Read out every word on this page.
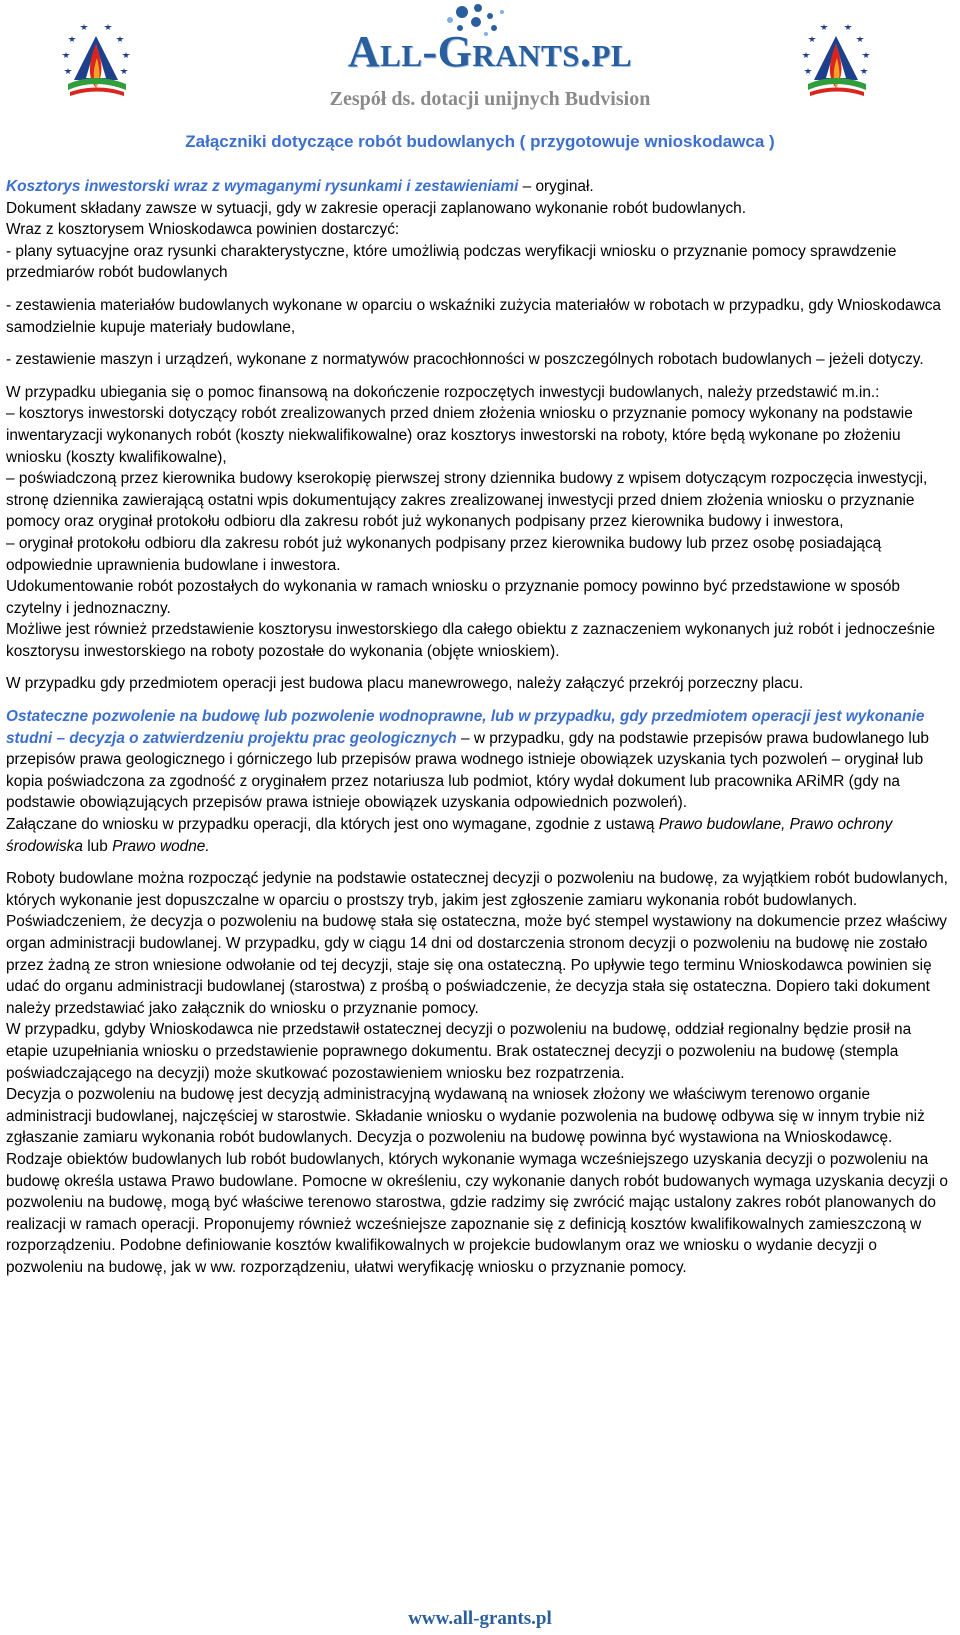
All-Grants.pl
Zespół ds. dotacji unijnych Budvision
Załączniki dotyczące robót budowlanych ( przygotowuje wnioskodawca )

Kosztorys inwestorski wraz z wymaganymi rysunkami i zestawieniami – oryginał.

Dokument składany zawsze w sytuacji, gdy w zakresie operacji zaplanowano wykonanie robót budowlanych.

Wraz z kosztorysem Wnioskodawca powinien dostarczyć:

- plany sytuacyjne oraz rysunki charakterystyczne, które umożliwią podczas weryfikacji wniosku o przyznanie pomocy sprawdzenie przedmiarów robót budowlanych

- zestawienia materiałów budowlanych wykonane w oparciu o wskaźniki zużycia materiałów w robotach w przypadku, gdy Wnioskodawca samodzielnie kupuje materiały budowlane,

- zestawienie maszyn i urządzeń, wykonane z normatywów pracochłonności w poszczególnych robotach budowlanych – jeżeli dotyczy.

W przypadku ubiegania się o pomoc finansową na dokończenie rozpoczętych inwestycji budowlanych, należy przedstawić m.in.:

– kosztorys inwestorski dotyczący robót zrealizowanych przed dniem złożenia wniosku o przyznanie pomocy wykonany na podstawie inwentaryzacji wykonanych robót (koszty niekwalifikowalne) oraz kosztorys inwestorski na roboty, które będą wykonane po złożeniu wniosku (koszty kwalifikowalne),

– poświadczoną przez kierownika budowy kserokopię pierwszej strony dziennika budowy z wpisem dotyczącym rozpoczęcia inwestycji, stronę dziennika zawierającą ostatni wpis dokumentujący zakres zrealizowanej inwestycji przed dniem złożenia wniosku o przyznanie pomocy oraz oryginał protokołu odbioru dla zakresu robót już wykonanych podpisany przez kierownika budowy i inwestora,

– oryginał protokołu odbioru dla zakresu robót już wykonanych podpisany przez kierownika budowy lub przez osobę posiadającą odpowiednie uprawnienia budowlane i inwestora.

Udokumentowanie robót pozostałych do wykonania w ramach wniosku o przyznanie pomocy powinno być przedstawione w sposób czytelny i jednoznaczny.

Możliwe jest również przedstawienie kosztorysu inwestorskiego dla całego obiektu z zaznaczeniem wykonanych już robót i jednocześnie kosztorysu inwestorskiego na roboty pozostałe do wykonania (objęte wnioskiem).

W przypadku gdy przedmiotem operacji jest budowa placu manewrowego, należy załączyć przekrój porzeczny placu.

Ostateczne pozwolenie na budowę lub pozwolenie wodnoprawne, lub w przypadku, gdy przedmiotem operacji jest wykonanie studni – decyzja o zatwierdzeniu projektu prac geologicznych – w przypadku, gdy na podstawie przepisów prawa budowlanego lub przepisów prawa geologicznego i górniczego lub przepisów prawa wodnego istnieje obowiązek uzyskania tych pozwoleń – oryginał lub kopia poświadczona za zgodność z oryginałem przez notariusza lub podmiot, który wydał dokument lub pracownika ARiMR (gdy na podstawie obowiązujących przepisów prawa istnieje obowiązek uzyskania odpowiednich pozwoleń).

Załączane do wniosku w przypadku operacji, dla których jest ono wymagane, zgodnie z ustawą Prawo budowlane, Prawo ochrony środowiska lub Prawo wodne.

Roboty budowlane można rozpocząć jedynie na podstawie ostatecznej decyzji o pozwoleniu na budowę, za wyjątkiem robót budowlanych, których wykonanie jest dopuszczalne w oparciu o prostszy tryb, jakim jest zgłoszenie zamiaru wykonania robót budowlanych. Poświadczeniem, że decyzja o pozwoleniu na budowę stała się ostateczna, może być stempel wystawiony na dokumencie przez właściwy organ administracji budowlanej. W przypadku, gdy w ciągu 14 dni od dostarczenia stronom decyzji o pozwoleniu na budowę nie zostało przez żadną ze stron wniesione odwołanie od tej decyzji, staje się ona ostateczną. Po upływie tego terminu Wnioskodawca powinien się udać do organu administracji budowlanej (starostwa) z prośbą o poświadczenie, że decyzja stała się ostateczna. Dopiero taki dokument należy przedstawiać jako załącznik do wniosku o przyznanie pomocy.

W przypadku, gdyby Wnioskodawca nie przedstawił ostatecznej decyzji o pozwoleniu na budowę, oddział regionalny będzie prosił na etapie uzupełniania wniosku o przedstawienie poprawnego dokumentu. Brak ostatecznej decyzji o pozwoleniu na budowę (stempla poświadczającego na decyzji) może skutkować pozostawieniem wniosku bez rozpatrzenia.

Decyzja o pozwoleniu na budowę jest decyzją administracyjną wydawaną na wniosek złożony we właściwym terenowo organie administracji budowlanej, najczęściej w starostwie. Składanie wniosku o wydanie pozwolenia na budowę odbywa się w innym trybie niż zgłaszanie zamiaru wykonania robót budowlanych. Decyzja o pozwoleniu na budowę powinna być wystawiona na Wnioskodawcę.

Rodzaje obiektów budowlanych lub robót budowlanych, których wykonanie wymaga wcześniejszego uzyskania decyzji o pozwoleniu na budowę określa ustawa Prawo budowlane. Pomocne w określeniu, czy wykonanie danych robót budowanych wymaga uzyskania decyzji o pozwoleniu na budowę, mogą być właściwe terenowo starostwa, gdzie radzimy się zwrócić mając ustalony zakres robót planowanych do realizacji w ramach operacji. Proponujemy również wcześniejsze zapoznanie się z definicją kosztów kwalifikowalnych zamieszczoną w rozporządzeniu. Podobne definiowanie kosztów kwalifikowalnych w projekcie budowlanym oraz we wniosku o wydanie decyzji o pozwoleniu na budowę, jak w ww. rozporządzeniu, ułatwi weryfikację wniosku o przyznanie pomocy.

www.all-grants.pl
